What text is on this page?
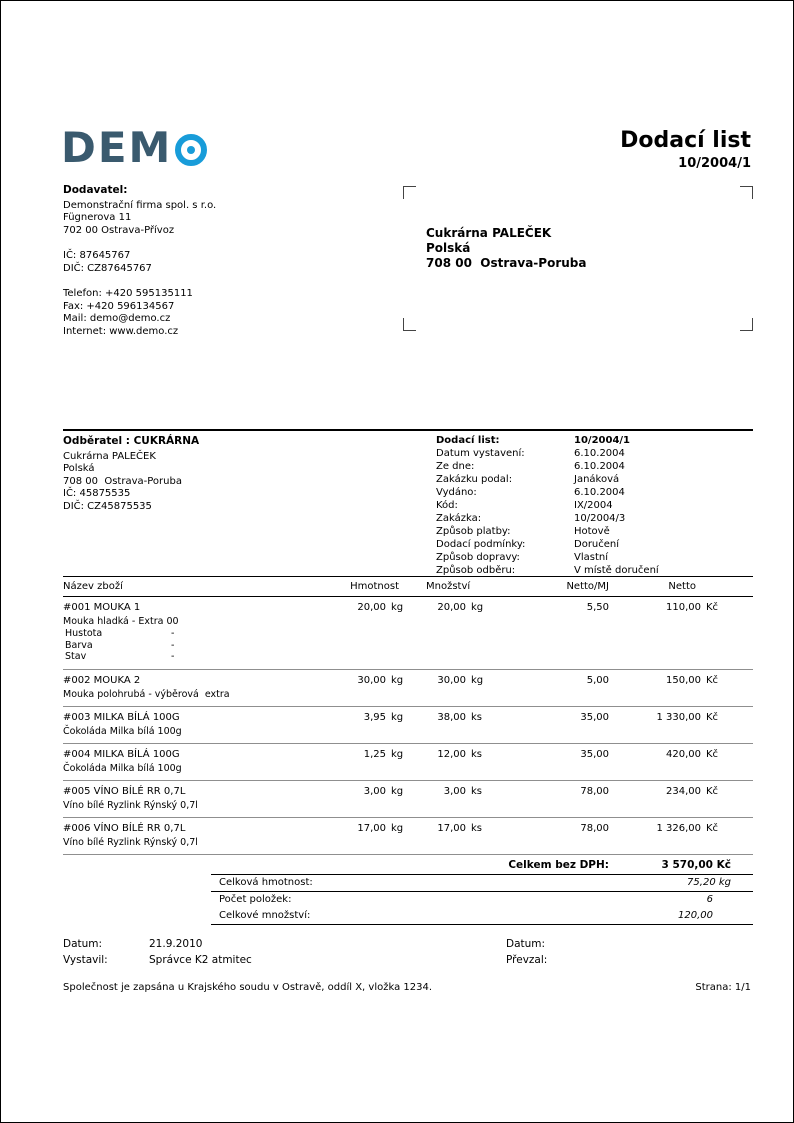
DEM	Dodací list
10/2004/1
Dodavatel:
Demonstrační firma spol. s r.o.
Fügnerova 11
702 00 Ostrava-Přívoz
IČ: 87645767
DIČ: CZ87645767
Telefon: +420 595135111
Fax: +420 596134567
Mail: demo@demo.cz
Internet: www.demo.cz
Cukrárna PALEČEK
Polská
708 00  Ostrava-Poruba
Odběratel : CUKRÁRNA
Cukrárna PALEČEK
Polská
708 00  Ostrava-Poruba
IČ: 45875535
DIČ: CZ45875535
Dodací list:	10/2004/1
Datum vystavení:	6.10.2004
Ze dne:	6.10.2004
Zakázku podal:	Janáková
Vydáno:	6.10.2004
Kód:	IX/2004
Zakázka:	10/2004/3
Způsob platby:	Hotově
Dodací podmínky:	Doručení
Způsob dopravy:	Vlastní
Způsob odběru:	V místě doručení
Název zboží	Hmotnost	Množství	Netto/MJ	Netto
#001 MOUKA 1	20,00 kg	20,00 kg	5,50	110,00 Kč
Mouka hladká - Extra 00
Hustota	-
Barva	-
Stav	-
#002 MOUKA 2	30,00 kg	30,00 kg	5,00	150,00 Kč
Mouka polohrubá - výběrová  extra
#003 MILKA BÍLÁ 100G	3,95 kg	38,00 ks	35,00	1 330,00 Kč
Čokoláda Milka bílá 100g
#004 MILKA BÍLÁ 100G	1,25 kg	12,00 ks	35,00	420,00 Kč
Čokoláda Milka bílá 100g
#005 VÍNO BÍLÉ RR 0,7L	3,00 kg	3,00 ks	78,00	234,00 Kč
Víno bílé Ryzlink Rýnský 0,7l
#006 VÍNO BÍLÉ RR 0,7L	17,00 kg	17,00 ks	78,00	1 326,00 Kč
Víno bílé Ryzlink Rýnský 0,7l
Celkem bez DPH:	3 570,00 Kč
Celková hmotnost:	75,20 kg
Počet položek:	6
Celkové množství:	120,00
Datum:	21.9.2010	Datum:
Vystavil:	Správce K2 atmitec	Převzal:
Společnost je zapsána u Krajského soudu v Ostravě, oddíl X, vložka 1234.	Strana: 1/1
